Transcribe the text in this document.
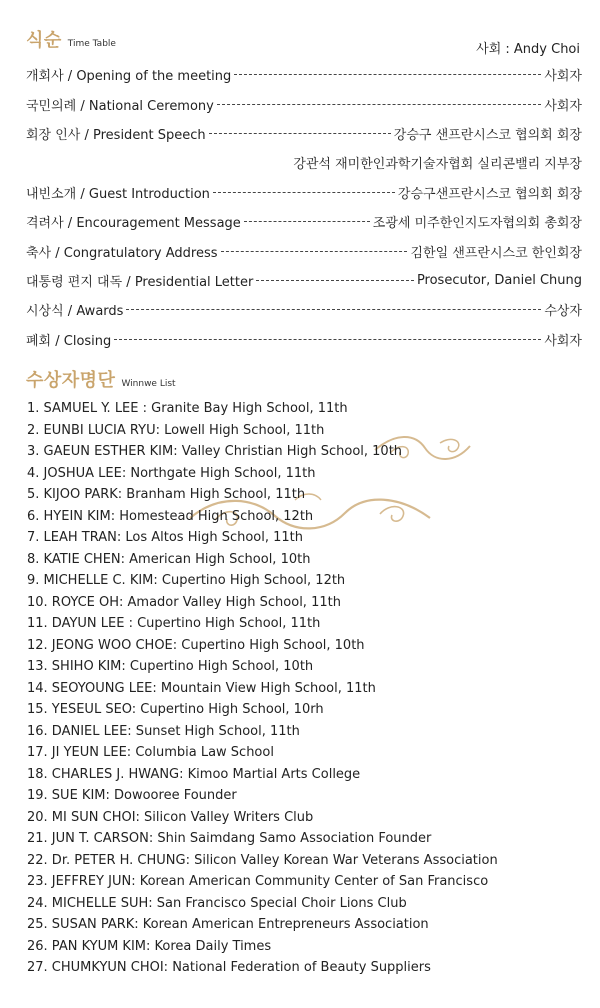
식순 Time Table	사회 : Andy Choi
개회사 / Opening of the meeting	사회자
국민의례 / National Ceremony	사회자
회장 인사 / President Speech	강승구 샌프란시스코 협의회 회장
강관석 재미한인과학기술자협회 실리콘밸리 지부장
내빈소개 / Guest Introduction	강승구샌프란시스코 협의회 회장
격려사 / Encouragement Message	조광세 미주한인지도자협의회 총회장
축사 / Congratulatory Address	김한일 샌프란시스코 한인회장
대통령 편지 대독 / Presidential Letter	Prosecutor, Daniel Chung
시상식 / Awards	수상자
폐회 / Closing	사회자
수상자명단 Winnwe List
1. SAMUEL Y. LEE : Granite Bay High School, 11th
2. EUNBI LUCIA RYU: Lowell High School, 11th
3. GAEUN ESTHER KIM: Valley Christian High School, 10th
4. JOSHUA LEE: Northgate High School, 11th
5. KIJOO PARK: Branham High School, 11th
6. HYEIN KIM: Homestead High School, 12th
7. LEAH TRAN: Los Altos High School, 11th
8. KATIE CHEN: American High School, 10th
9. MICHELLE C. KIM: Cupertino High School, 12th
10. ROYCE OH: Amador Valley High School, 11th
11. DAYUN LEE : Cupertino High School, 11th
12. JEONG WOO CHOE: Cupertino High School, 10th
13. SHIHO KIM: Cupertino High School, 10th
14. SEOYOUNG LEE: Mountain View High School, 11th
15. YESEUL SEO: Cupertino High School, 10rh
16. DANIEL LEE: Sunset High School, 11th
17. JI YEUN LEE: Columbia Law School
18. CHARLES J. HWANG: Kimoo Martial Arts College
19. SUE KIM: Dowooree Founder
20. MI SUN CHOI: Silicon Valley Writers Club
21. JUN T. CARSON: Shin Saimdang Samo Association Founder
22. Dr. PETER H. CHUNG: Silicon Valley Korean War Veterans Association
23. JEFFREY JUN: Korean American Community Center of San Francisco
24. MICHELLE SUH: San Francisco Special Choir Lions Club
25. SUSAN PARK: Korean American Entrepreneurs Association
26. PAN KYUM KIM: Korea Daily Times
27. CHUMKYUN CHOI: National Federation of Beauty Suppliers
